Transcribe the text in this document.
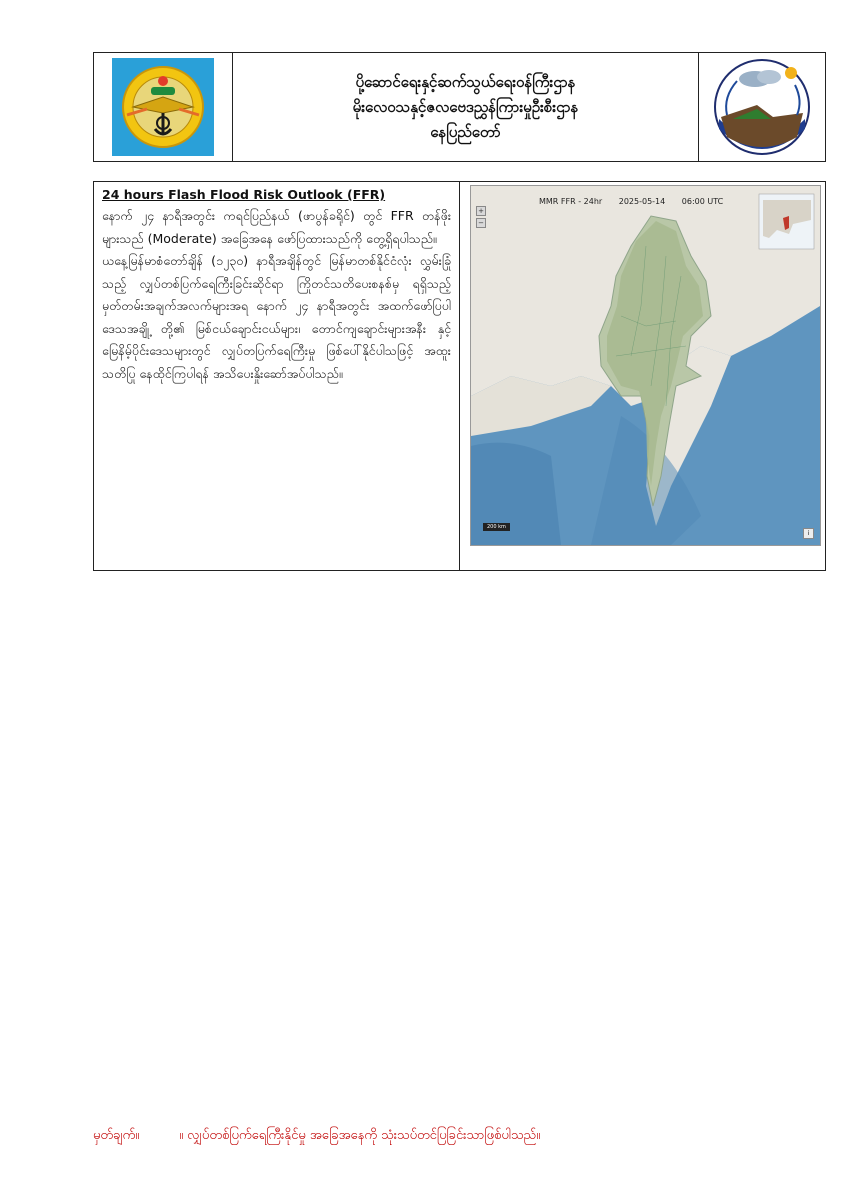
ပို့ဆောင်ရေးနှင့်ဆက်သွယ်ရေးဝန်ကြီးဌာန
မိုးလေဝသနှင့်ဇလဗေဒညွှန်ကြားမှုဦးစီးဌာန
နေပြည်တော်
24 hours Flash Flood Risk Outlook (FFR)
နောက် ၂၄ နာရီအတွင်း ကရင်ပြည်နယ် (ဖာပွန်ခရိုင်) တွင် FFR တန်ဖိုးများသည် (Moderate) အခြေအနေ ဖော်ပြထားသည်ကို တွေ့ရှိရပါသည်။
ယနေ့မြန်မာစံတော်ချိန် (၁၂၃၀) နာရီအချိန်တွင် မြန်မာတစ်နိုင်ငံလုံး လွှမ်းခြုံသည့် လျှပ်တစ်ပြက်ရေကြီးခြင်းဆိုင်ရာ ကြိုတင်သတိပေးစနစ်မှ ရရှိသည့် မှတ်တမ်းအချက်အလက်များအရ နောက် ၂၄ နာရီအတွင်း အထက်ဖော်ပြပါ ဒေသအချို့ တို့၏ မြစ်ငယ်ချောင်းငယ်များ၊ တောင်ကျချောင်းများအနီး နှင့် မြေနိမ့်ပိုင်းဒေသများတွင် လျှပ်တပြက်ရေကြီးမှု ဖြစ်ပေါ်နိုင်ပါသဖြင့် အထူးသတိပြု နေထိုင်ကြပါရန် အသိပေးနှိုးဆော်အပ်ပါသည်။
MMR FFR - 24hr 2025-05-14 06:00 UTC
+
−
200 km
i
မှတ်ချက်။	။ လျှပ်တစ်ပြက်ရေကြီးနိုင်မှု အခြေအနေကို သုံးသပ်တင်ပြခြင်းသာဖြစ်ပါသည်။
